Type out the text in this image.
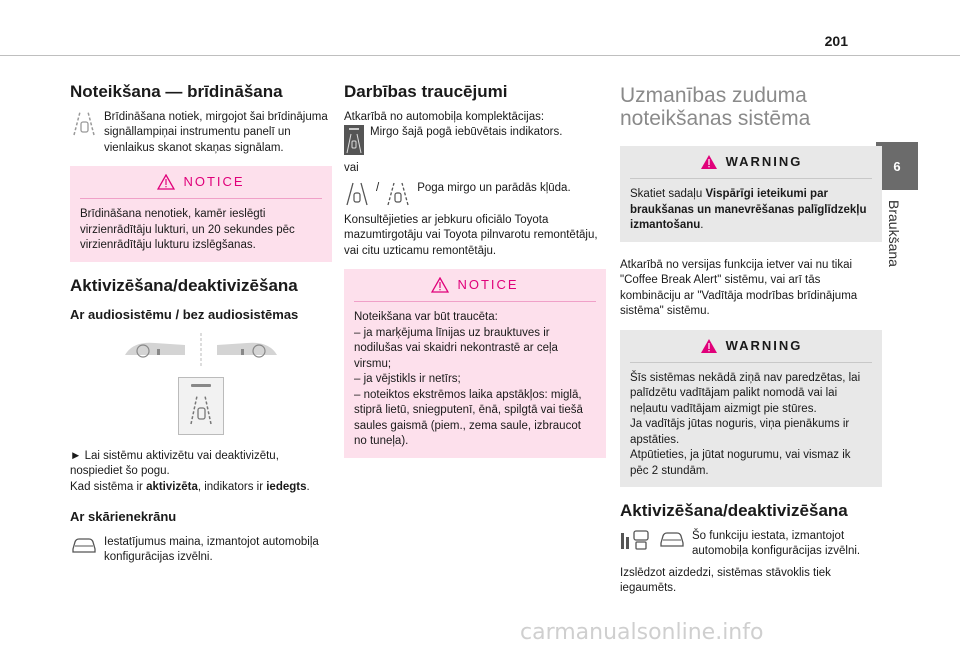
201
6
Braukšana
Noteikšana — brīdināšana

Brīdināšana notiek, mirgojot šai brīdinājuma signāllampiņai instrumentu panelī un vienlaikus skanot skaņas signālam.

NOTICE

Brīdināšana nenotiek, kamēr ieslēgti virzienrādītāju lukturi, un 20 sekundes pēc virzienrādītāju lukturu izslēgšanas.

Aktivizēšana/deaktivizēšana
Ar audiosistēmu / bez audiosistēmas

► Lai sistēmu aktivizētu vai deaktivizētu, nospiediet šo pogu.

Kad sistēma ir aktivizēta, indikators ir iedegts.

Ar skārienekrānu

Iestatījumus maina, izmantojot automobiļa konfigurācijas izvēlni.

Darbības traucējumi

Atkarībā no automobiļa komplektācijas:

Mirgo šajā pogā iebūvētais indikators.

vai

/	Poga mirgo un parādās kļūda.

Konsultējieties ar jebkuru oficiālo Toyota mazumtirgotāju vai Toyota pilnvarotu remontētāju, vai citu uzticamu remontētāju.

NOTICE

Noteikšana var būt traucēta:

– ja marķējuma līnijas uz brauktuves ir nodilušas vai skaidri nekontrastē ar ceļa virsmu;

– ja vējstikls ir netīrs;

– noteiktos ekstrēmos laika apstākļos: miglā, stiprā lietū, sniegputenī, ēnā, spilgtā vai tiešā saules gaismā (piem., zema saule, izbraucot no tuneļa).

Uzmanības zuduma noteikšanas sistēma
WARNING

Skatiet sadaļu Vispārīgi ieteikumi par braukšanas un manevrēšanas palīglīdzekļu izmantošanu.

Atkarībā no versijas funkcija ietver vai nu tikai "Coffee Break Alert" sistēmu, vai arī tās kombināciju ar "Vadītāja modrības brīdinājuma sistēma" sistēmu.

WARNING

Šīs sistēmas nekādā ziņā nav paredzētas, lai palīdzētu vadītājam palikt nomodā vai lai neļautu vadītājam aizmigt pie stūres.

Ja vadītājs jūtas noguris, viņa pienākums ir apstāties.

Atpūtieties, ja jūtat nogurumu, vai vismaz ik pēc 2 stundām.

Aktivizēšana/deaktivizēšana

Šo funkciju iestata, izmantojot automobiļa konfigurācijas izvēlni.

Izslēdzot aizdedzi, sistēmas stāvoklis tiek iegaumēts.

carmanualsonline.info
